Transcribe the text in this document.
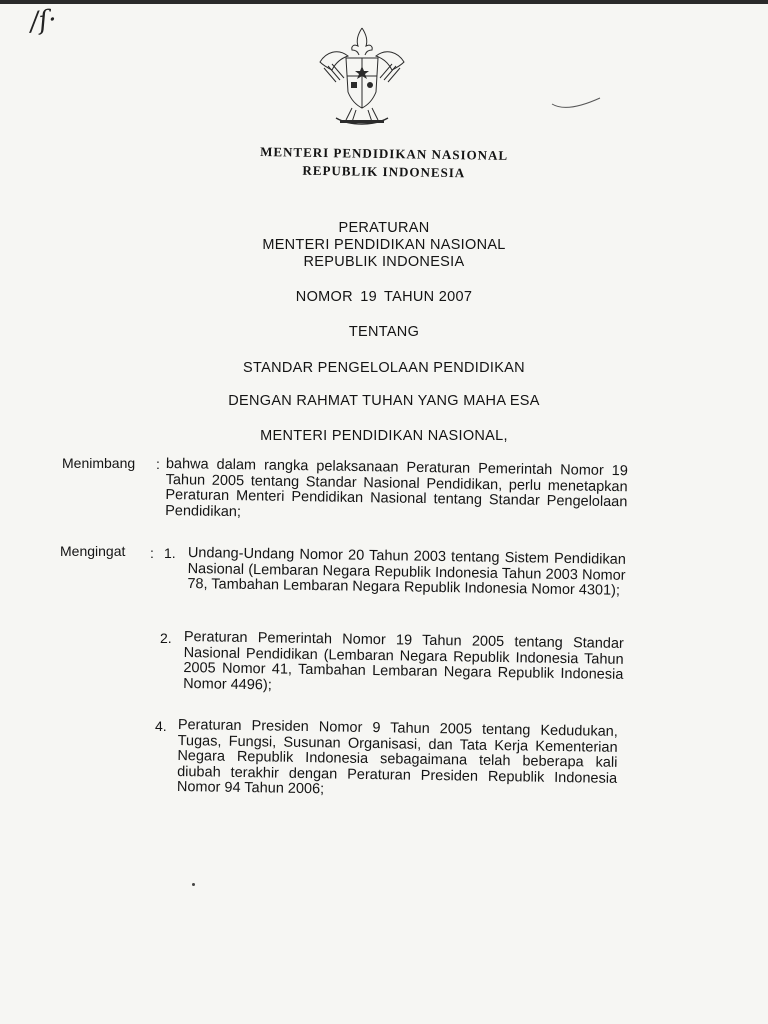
/ſ·
MENTERI PENDIDIKAN NASIONAL
REPUBLIK INDONESIA
PERATURAN
MENTERI PENDIDIKAN NASIONAL
REPUBLIK INDONESIA
NOMOR 19 TAHUN 2007
TENTANG
STANDAR PENGELOLAAN PENDIDIKAN
DENGAN RAHMAT TUHAN YANG MAHA ESA
MENTERI PENDIDIKAN NASIONAL,
Menimbang : bahwa dalam rangka pelaksanaan Peraturan Pemerintah Nomor 19 Tahun 2005 tentang Standar Nasional Pendidikan, perlu menetapkan Peraturan Menteri Pendidikan Nasional tentang Standar Pengelolaan Pendidikan;
Mengingat : 1. Undang-Undang Nomor 20 Tahun 2003 tentang Sistem Pendidikan Nasional (Lembaran Negara Republik Indonesia Tahun 2003 Nomor 78, Tambahan Lembaran Negara Republik Indonesia Nomor 4301);
2. Peraturan Pemerintah Nomor 19 Tahun 2005 tentang Standar Nasional Pendidikan (Lembaran Negara Republik Indonesia Tahun 2005 Nomor 41, Tambahan Lembaran Negara Republik Indonesia Nomor 4496);
4. Peraturan Presiden Nomor 9 Tahun 2005 tentang Kedudukan, Tugas, Fungsi, Susunan Organisasi, dan Tata Kerja Kementerian Negara Republik Indonesia sebagaimana telah beberapa kali diubah terakhir dengan Peraturan Presiden Republik Indonesia Nomor 94 Tahun 2006;
